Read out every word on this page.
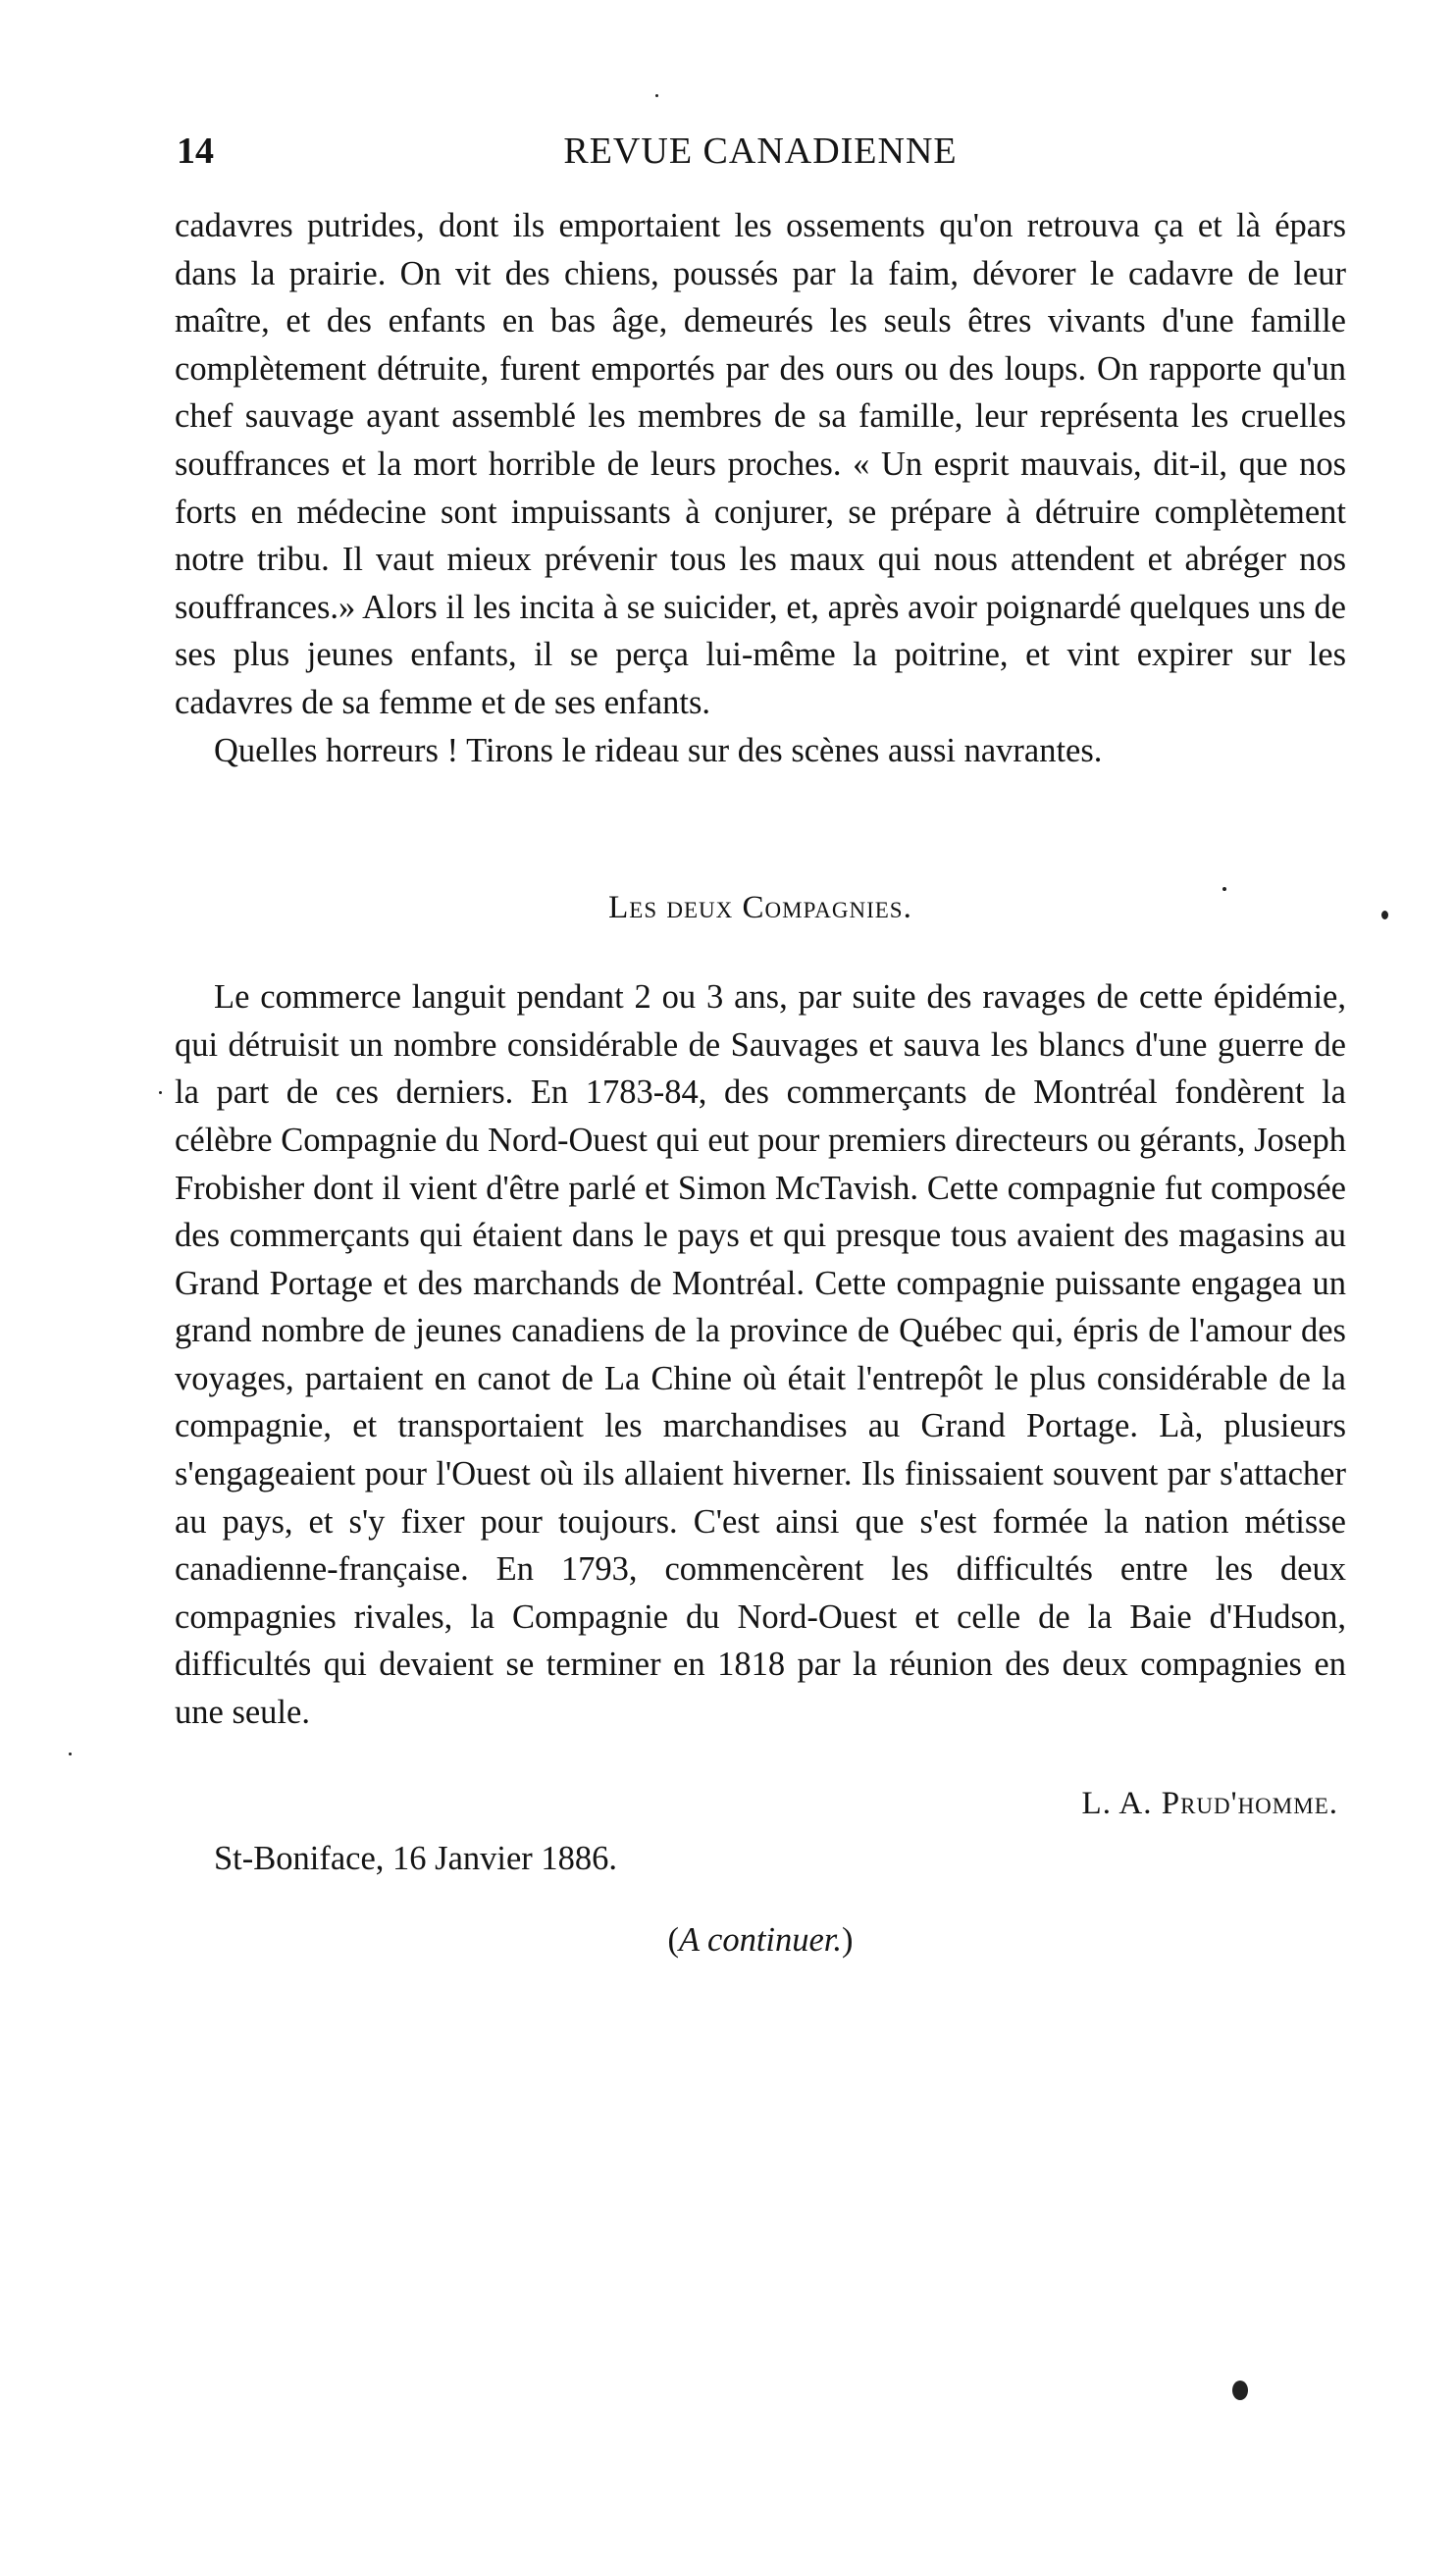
14	REVUE CANADIENNE

cadavres putrides, dont ils emportaient les ossements qu'on retrouva ça et là épars dans la prairie. On vit des chiens, poussés par la faim, dévorer le cadavre de leur maître, et des enfants en bas âge, demeurés les seuls êtres vivants d'une famille complètement détruite, furent emportés par des ours ou des loups. On rapporte qu'un chef sauvage ayant assemblé les membres de sa famille, leur représenta les cruelles souffrances et la mort horrible de leurs proches. « Un esprit mauvais, dit-il, que nos forts en médecine sont impuissants à conjurer, se prépare à détruire complètement notre tribu. Il vaut mieux prévenir tous les maux qui nous attendent et abréger nos souffrances.» Alors il les incita à se suicider, et, après avoir poignardé quelques uns de ses plus jeunes enfants, il se perça lui-même la poitrine, et vint expirer sur les cadavres de sa femme et de ses enfants.

Quelles horreurs ! Tirons le rideau sur des scènes aussi navrantes.

Les deux Compagnies.

Le commerce languit pendant 2 ou 3 ans, par suite des ravages de cette épidémie, qui détruisit un nombre considérable de Sauvages et sauva les blancs d'une guerre de la part de ces derniers. En 1783-84, des commerçants de Montréal fondèrent la célèbre Compagnie du Nord-Ouest qui eut pour premiers directeurs ou gérants, Joseph Frobisher dont il vient d'être parlé et Simon McTavish. Cette compagnie fut composée des commerçants qui étaient dans le pays et qui presque tous avaient des magasins au Grand Portage et des marchands de Montréal. Cette compagnie puissante engagea un grand nombre de jeunes canadiens de la province de Québec qui, épris de l'amour des voyages, partaient en canot de La Chine où était l'entrepôt le plus considérable de la compagnie, et transportaient les marchandises au Grand Portage. Là, plusieurs s'engageaient pour l'Ouest où ils allaient hiverner. Ils finissaient souvent par s'attacher au pays, et s'y fixer pour toujours. C'est ainsi que s'est formée la nation métisse canadienne-française. En 1793, commencèrent les difficultés entre les deux compagnies rivales, la Compagnie du Nord-Ouest et celle de la Baie d'Hudson, difficultés qui devaient se terminer en 1818 par la réunion des deux compagnies en une seule.

L. A. Prud'homme.
St-Boniface, 16 Janvier 1886.
(A continuer.)
